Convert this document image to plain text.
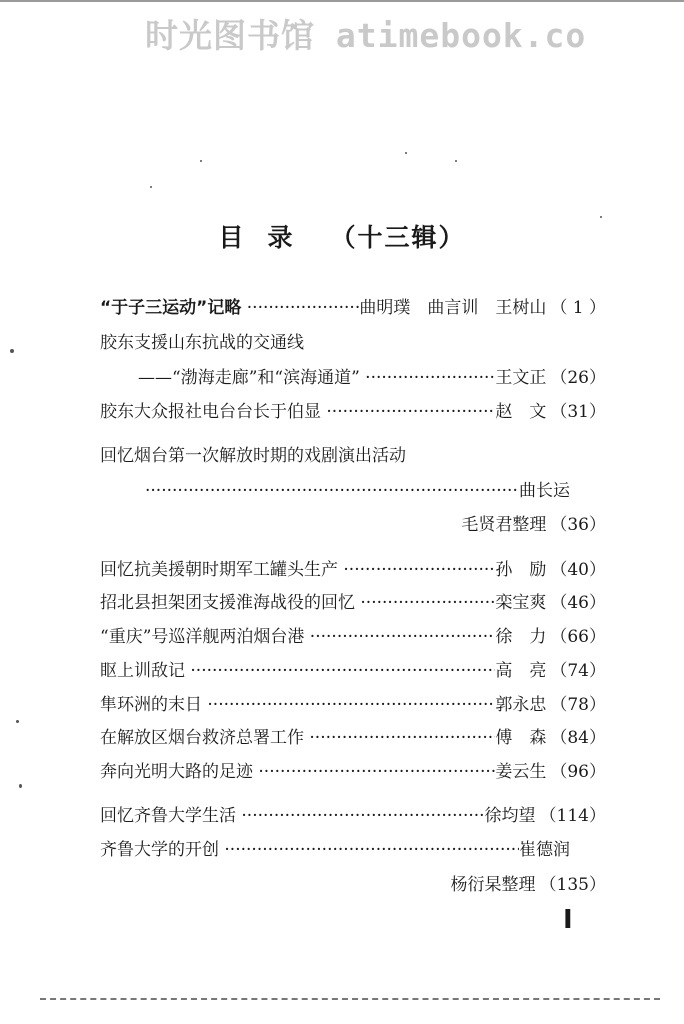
时光图书馆 atimebook.co
目录 （十三辑）
“于子三运动”记略 ·····	曲明璞　曲言训　王树山 （ 1 ）
胶东支援山东抗战的交通线
——“渤海走廊”和“滨海通道” ·····	王文正 （26）
胶东大众报社电台台长于伯显 ·····	赵　文 （31）
回忆烟台第一次解放时期的戏剧演出活动
·····
曲长运
毛贤君整理 （36）
回忆抗美援朝时期军工罐头生产 ·····	孙　励 （40）
招北县担架团支援淮海战役的回忆 ·····	栾宝爽 （46）
“重庆”号巡洋舰两泊烟台港 ·····	徐　力 （66）
眍上训敌记 ·····	高　亮 （74）
隼环洲的末日 ·····	郭永忠 （78）
在解放区烟台救济总署工作 ·····	傅　森 （84）
奔向光明大路的足迹 ·····	姜云生 （96）
回忆齐鲁大学生活 ·····	徐均望 （114）
齐鲁大学的开创 ·····	崔德润
杨衍杲整理 （135）
I
